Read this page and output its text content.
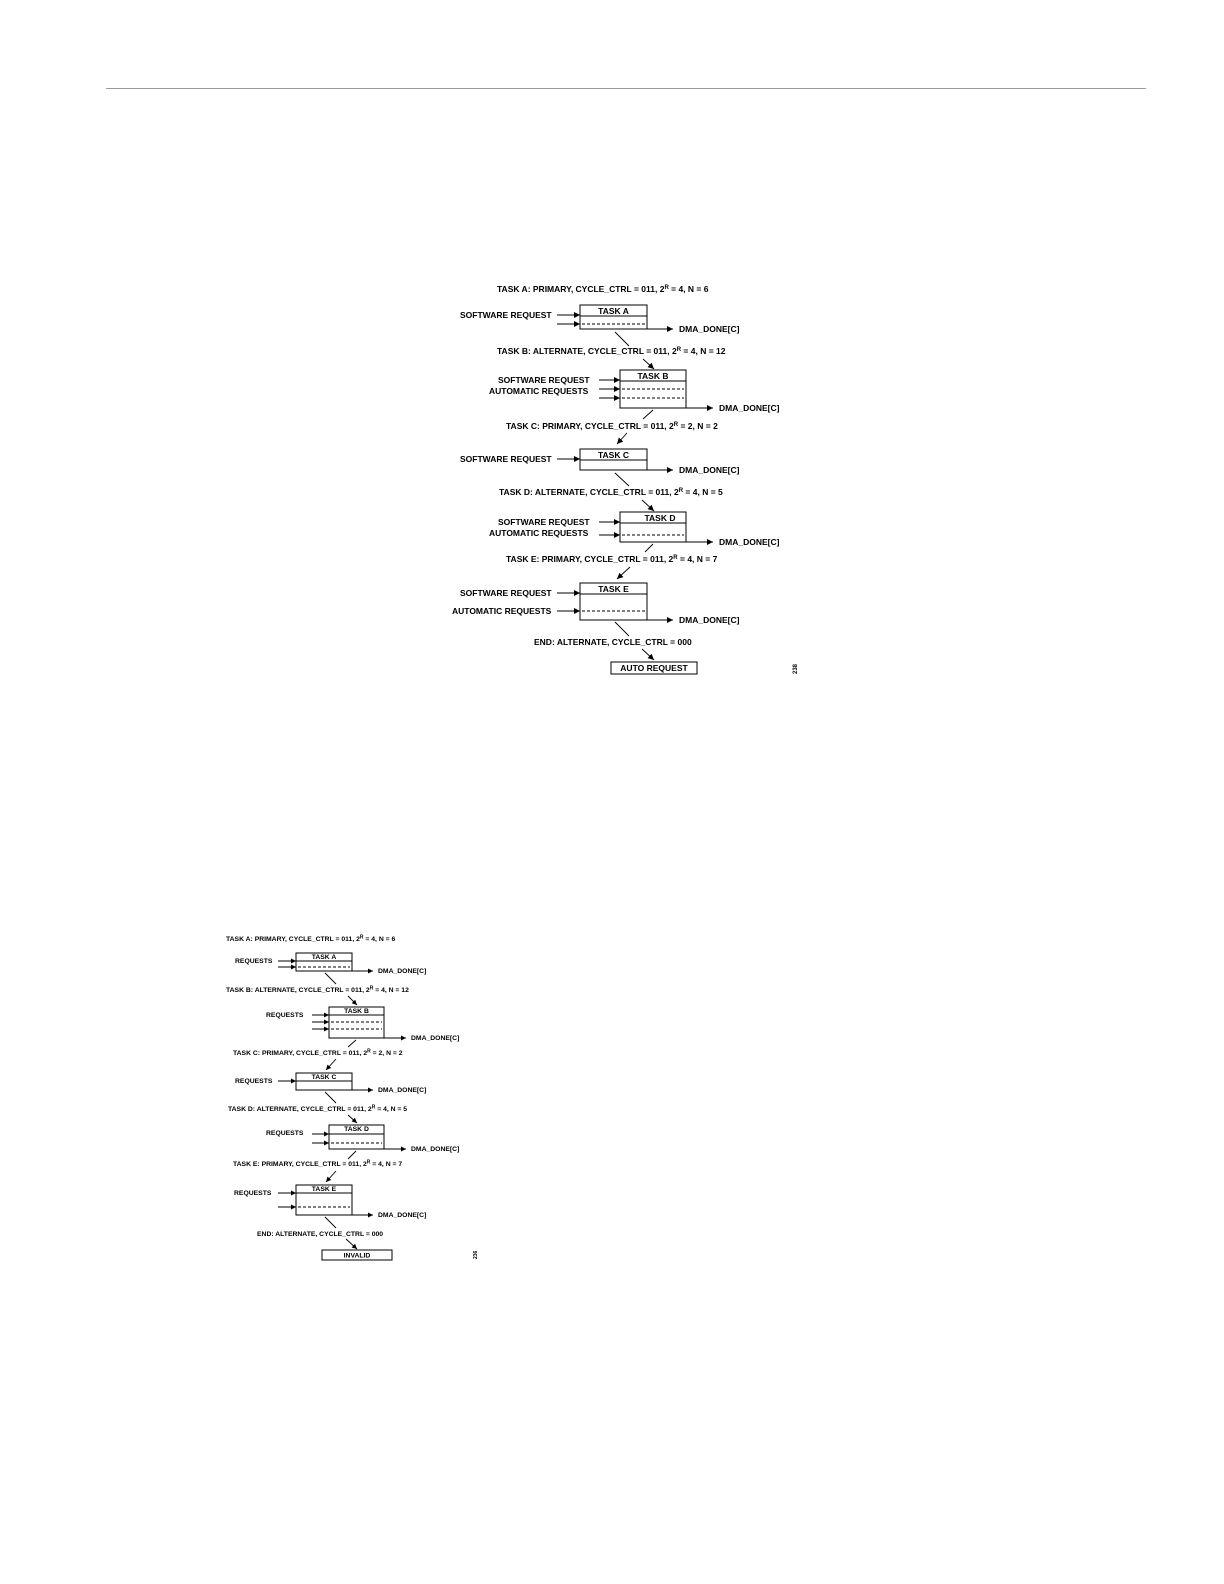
TASK A: PRIMARY, CYCLE_CTRL = 011, $2^R = 4$, N = 6
SOFTWARE REQUEST	TASK A
DMA_DONE[C]
TASK B: ALTERNATE, CYCLE_CTRL = 011, $2^R = 4$, N = 12
SOFTWARE REQUEST
AUTOMATIC REQUESTS
TASK B
DMA_DONE[C]
TASK C: PRIMARY, CYCLE_CTRL = 011, $2^R = 2$, N = 2
SOFTWARE REQUEST	TASK C
DMA_DONE[C]
TASK D: ALTERNATE, CYCLE_CTRL = 011, $2^R = 4$, N = 5
SOFTWARE REQUEST
AUTOMATIC REQUESTS
TASK D
DMA_DONE[C]
TASK E: PRIMARY, CYCLE_CTRL = 011, $2^R = 4$, N = 7
SOFTWARE REQUEST
AUTOMATIC REQUESTS
TASK E
DMA_DONE[C]
END: ALTERNATE, CYCLE_CTRL = 000
AUTO REQUEST	238
TASK A: PRIMARY, CYCLE_CTRL = 011, $2^R = 4$, N = 6
REQUESTS
TASK A
DMA_DONE[C]
TASK B: ALTERNATE, CYCLE_CTRL = 011, $2^R = 4$, N = 12
REQUESTS
TASK B
DMA_DONE[C]
TASK C: PRIMARY, CYCLE_CTRL = 011, $2^R = 2$, N = 2
REQUESTS
TASK C
DMA_DONE[C]
TASK D: ALTERNATE, CYCLE_CTRL = 011, $2^R = 4$, N = 5
REQUESTS
TASK D
DMA_DONE[C]
TASK E: PRIMARY, CYCLE_CTRL = 011, $2^R = 4$, N = 7
REQUESTS
TASK E
DMA_DONE[C]
END: ALTERNATE, CYCLE_CTRL = 000
INVALID	236
